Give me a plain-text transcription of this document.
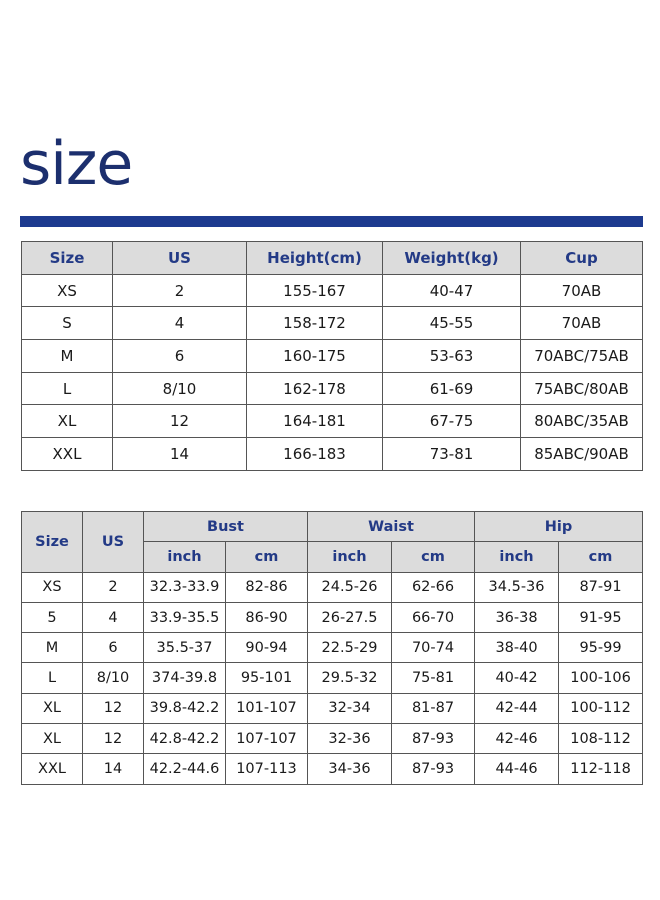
size
Size	US	Height(cm)	Weight(kg)	Cup
XS	2	155-167	40-47	70AB
S	4	158-172	45-55	70AB
M	6	160-175	53-63	70ABC/75AB
L	8/10	162-178	61-69	75ABC/80AB
XL	12	164-181	67-75	80ABC/35AB
XXL	14	166-183	73-81	85ABC/90AB
Size	US	Bust		Waist		Hip	
		inch	cm	inch	cm	inch	cm
XS	2	32.3-33.9	82-86	24.5-26	62-66	34.5-36	87-91
5	4	33.9-35.5	86-90	26-27.5	66-70	36-38	91-95
M	6	35.5-37	90-94	22.5-29	70-74	38-40	95-99
L	8/10	374-39.8	95-101	29.5-32	75-81	40-42	100-106
XL	12	39.8-42.2	101-107	32-34	81-87	42-44	100-112
XL	12	42.8-42.2	107-107	32-36	87-93	42-46	108-112
XXL	14	42.2-44.6	107-113	34-36	87-93	44-46	112-118
